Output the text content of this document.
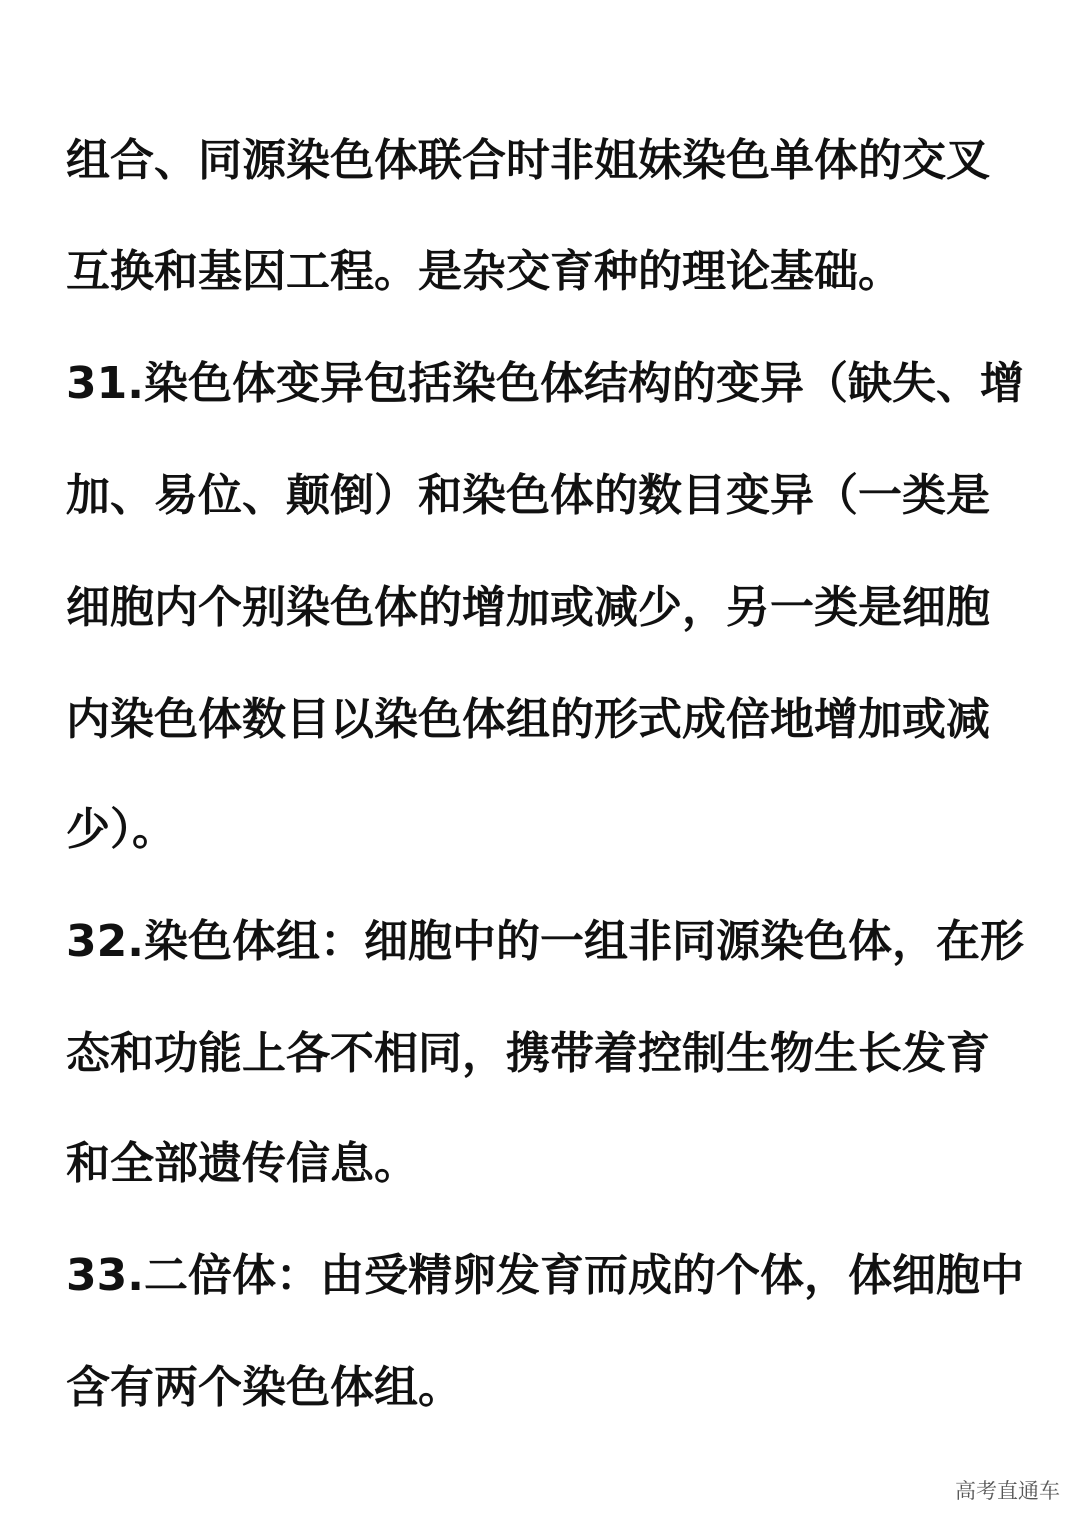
组合、同源染色体联合时非姐妹染色单体的交叉
互换和基因工程。是杂交育种的理论基础。
31.染色体变异包括染色体结构的变异（缺失、增
加、易位、颠倒）和染色体的数目变异（一类是
细胞内个别染色体的增加或减少，另一类是细胞
内染色体数目以染色体组的形式成倍地增加或减
少）。
32.染色体组：细胞中的一组非同源染色体，在形
态和功能上各不相同，携带着控制生物生长发育
和全部遗传信息。
33.二倍体：由受精卵发育而成的个体，体细胞中
含有两个染色体组。
高考直通车
